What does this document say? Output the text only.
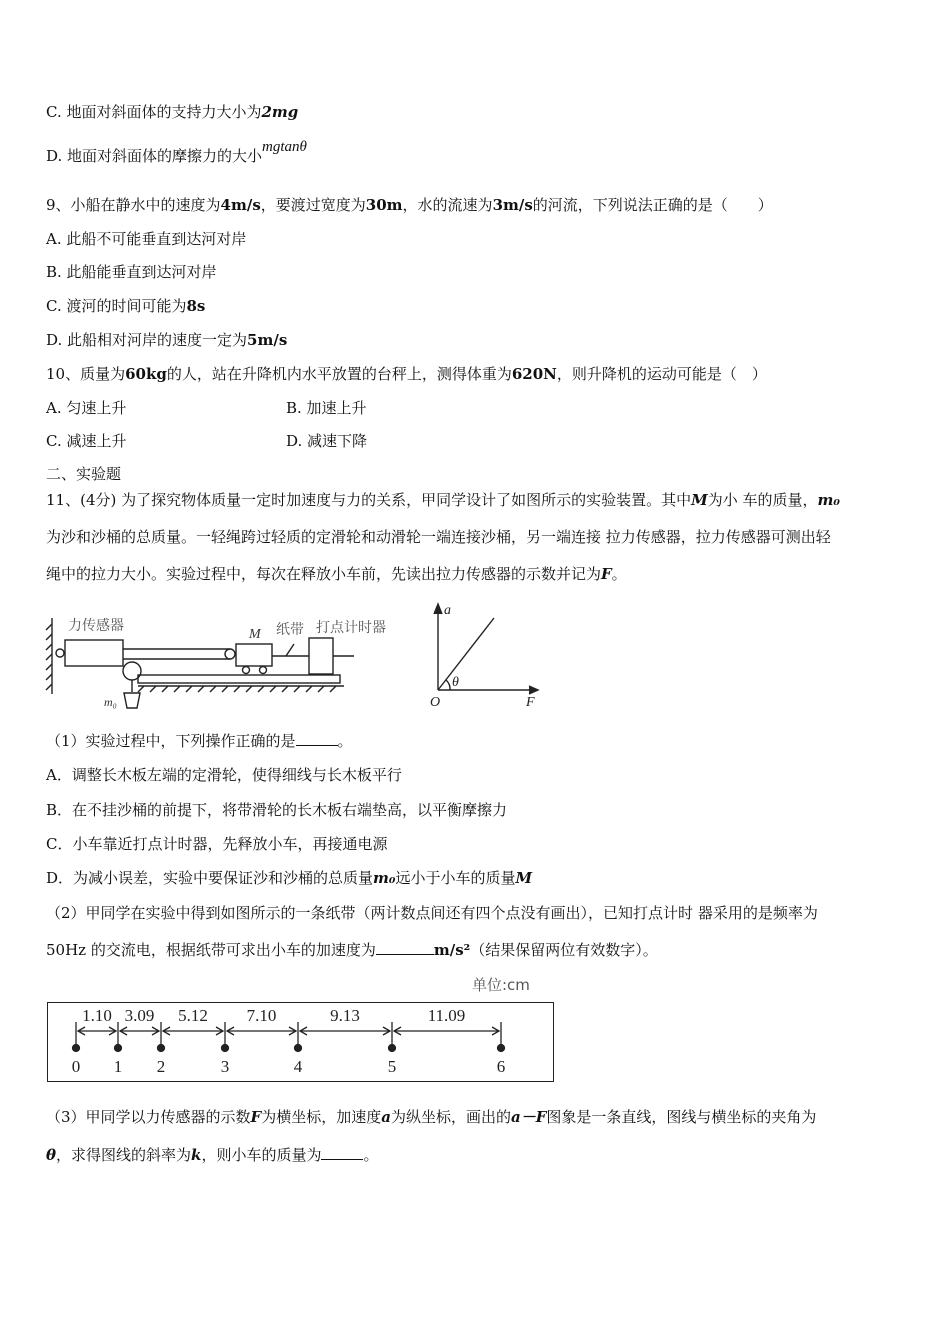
C. 地面对斜面体的支持力大小为2mg
D. 地面对斜面体的摩擦力的大小mgtanθ
9、小船在静水中的速度为4m/s，要渡过宽度为30m，水的流速为3m/s的河流，下列说法正确的是（　　）
A. 此船不可能垂直到达河对岸
B. 此船能垂直到达河对岸
C. 渡河的时间可能为8s
D. 此船相对河岸的速度一定为5m/s
10、质量为60kg的人，站在升降机内水平放置的台秤上，测得体重为620N，则升降机的运动可能是（　）
A. 匀速上升	B. 加速上升
C. 减速上升	D. 减速下降
二、实验题
11、(4分) 为了探究物体质量一定时加速度与力的关系，甲同学设计了如图所示的实验装置。其中M为小 车的质量，m₀
为沙和沙桶的总质量。一轻绳跨过轻质的定滑轮和动滑轮一端连接沙桶，另一端连接 拉力传感器，拉力传感器可测出轻
绳中的拉力大小。实验过程中，每次在释放小车前，先读出拉力传感器的示数并记为F。
力传感器	纸带 打点计时器
M
m₀
a
F
O
θ
（1）实验过程中，下列操作正确的是	。
A．调整长木板左端的定滑轮，使得细线与长木板平行
B．在不挂沙桶的前提下，将带滑轮的长木板右端垫高，以平衡摩擦力
C．小车靠近打点计时器，先释放小车，再接通电源
D．为减小误差，实验中要保证沙和沙桶的总质量m₀远小于小车的质量M
（2）甲同学在实验中得到如图所示的一条纸带（两计数点间还有四个点没有画出），已知打点计时 器采用的是频率为
50Hz 的交流电，根据纸带可求出小车的加速度为	m/s²（结果保留两位有效数字）。
单位:cm
0 1 2	3	4	5	6
1.10 3.09 5.12 7.10	9.13	11.09
（3）甲同学以力传感器的示数F为横坐标，加速度a为纵坐标，画出的a－F图象是一条直线，图线与横坐标的夹角为
θ，求得图线的斜率为k，则小车的质量为	。
